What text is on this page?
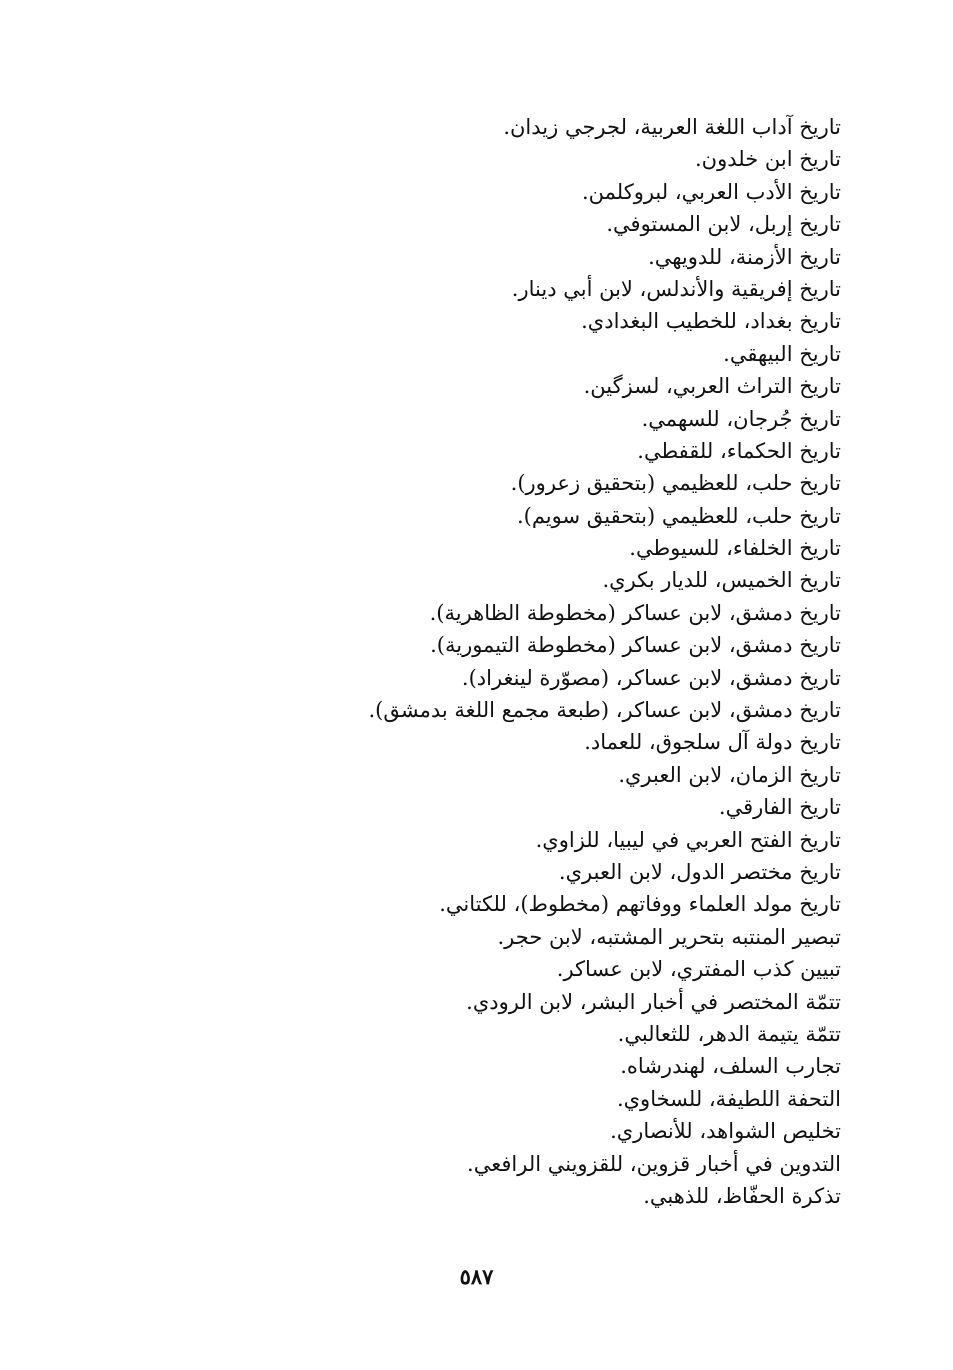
تاريخ آداب اللغة العربية، لجرجي زيدان.
تاريخ ابن خلدون.
تاريخ الأدب العربي، لبروكلمن.
تاريخ إربل، لابن المستوفي.
تاريخ الأزمنة، للدويهي.
تاريخ إفريقية والأندلس، لابن أبي دينار.
تاريخ بغداد، للخطيب البغدادي.
تاريخ البيهقي.
تاريخ التراث العربي، لسزگين.
تاريخ جُرجان، للسهمي.
تاريخ الحكماء، للقفطي.
تاريخ حلب، للعظيمي (بتحقيق زعرور).
تاريخ حلب، للعظيمي (بتحقيق سويم).
تاريخ الخلفاء، للسيوطي.
تاريخ الخميس، للديار بكري.
تاريخ دمشق، لابن عساكر (مخطوطة الظاهرية).
تاريخ دمشق، لابن عساكر (مخطوطة التيمورية).
تاريخ دمشق، لابن عساكر، (مصوّرة لينغراد).
تاريخ دمشق، لابن عساكر، (طبعة مجمع اللغة بدمشق).
تاريخ دولة آل سلجوق، للعماد.
تاريخ الزمان، لابن العبري.
تاريخ الفارقي.
تاريخ الفتح العربي في ليبيا، للزاوي.
تاريخ مختصر الدول، لابن العبري.
تاريخ مولد العلماء ووفاتهم (مخطوط)، للكتاني.
تبصير المنتبه بتحرير المشتبه، لابن حجر.
تبيين كذب المفتري، لابن عساكر.
تتمّة المختصر في أخبار البشر، لابن الرودي.
تتمّة يتيمة الدهر، للثعالبي.
تجارب السلف، لهندرشاه.
التحفة اللطيفة، للسخاوي.
تخليص الشواهد، للأنصاري.
التدوين في أخبار قزوين، للقزويني الرافعي.
تذكرة الحفّاظ، للذهبي.
٥٨٧
